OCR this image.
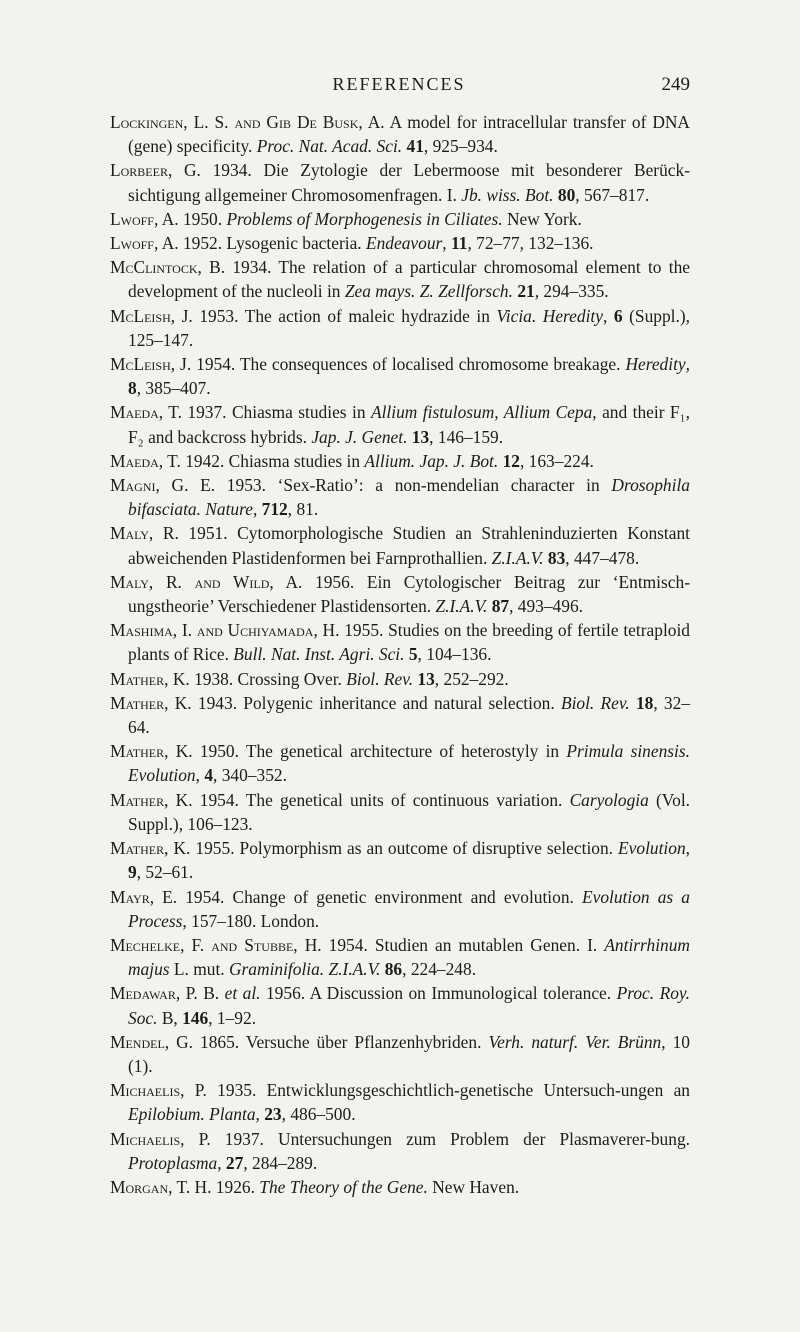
REFERENCES	249
Lockingen, L. S. and Gib De Busk, A. A model for intracellular transfer of DNA (gene) specificity. Proc. Nat. Acad. Sci. 41, 925–934.
Lorbeer, G. 1934. Die Zytologie der Lebermoose mit besonderer Berück-sichtigung allgemeiner Chromosomenfragen. I. Jb. wiss. Bot. 80, 567–817.
Lwoff, A. 1950. Problems of Morphogenesis in Ciliates. New York.
Lwoff, A. 1952. Lysogenic bacteria. Endeavour, 11, 72–77, 132–136.
McClintock, B. 1934. The relation of a particular chromosomal element to the development of the nucleoli in Zea mays. Z. Zellforsch. 21, 294–335.
McLeish, J. 1953. The action of maleic hydrazide in Vicia. Heredity, 6 (Suppl.), 125–147.
McLeish, J. 1954. The consequences of localised chromosome breakage. Heredity, 8, 385–407.
Maeda, T. 1937. Chiasma studies in Allium fistulosum, Allium Cepa, and their F₁, F₂ and backcross hybrids. Jap. J. Genet. 13, 146–159.
Maeda, T. 1942. Chiasma studies in Allium. Jap. J. Bot. 12, 163–224.
Magni, G. E. 1953. ‘Sex-Ratio’: a non-mendelian character in Drosophila bifasciata. Nature, 712, 81.
Maly, R. 1951. Cytomorphologische Studien an Strahleninduzierten Konstant abweichenden Plastidenformen bei Farnprothallien. Z.I.A.V. 83, 447–478.
Maly, R. and Wild, A. 1956. Ein Cytologischer Beitrag zur ‘Entmisch-ungstheorie’ Verschiedener Plastidensorten. Z.I.A.V. 87, 493–496.
Mashima, I. and Uchiyamada, H. 1955. Studies on the breeding of fertile tetraploid plants of Rice. Bull. Nat. Inst. Agri. Sci. 5, 104–136.
Mather, K. 1938. Crossing Over. Biol. Rev. 13, 252–292.
Mather, K. 1943. Polygenic inheritance and natural selection. Biol. Rev. 18, 32–64.
Mather, K. 1950. The genetical architecture of heterostyly in Primula sinensis. Evolution, 4, 340–352.
Mather, K. 1954. The genetical units of continuous variation. Caryologia (Vol. Suppl.), 106–123.
Mather, K. 1955. Polymorphism as an outcome of disruptive selection. Evolution, 9, 52–61.
Mayr, E. 1954. Change of genetic environment and evolution. Evolution as a Process, 157–180. London.
Mechelke, F. and Stubbe, H. 1954. Studien an mutablen Genen. I. Antirrhinum majus L. mut. Graminifolia. Z.I.A.V. 86, 224–248.
Medawar, P. B. et al. 1956. A Discussion on Immunological tolerance. Proc. Roy. Soc. B, 146, 1–92.
Mendel, G. 1865. Versuche über Pflanzenhybriden. Verh. naturf. Ver. Brünn, 10 (1).
Michaelis, P. 1935. Entwicklungsgeschichtlich-genetische Untersuch-ungen an Epilobium. Planta, 23, 486–500.
Michaelis, P. 1937. Untersuchungen zum Problem der Plasmaverer-bung. Protoplasma, 27, 284–289.
Morgan, T. H. 1926. The Theory of the Gene. New Haven.
